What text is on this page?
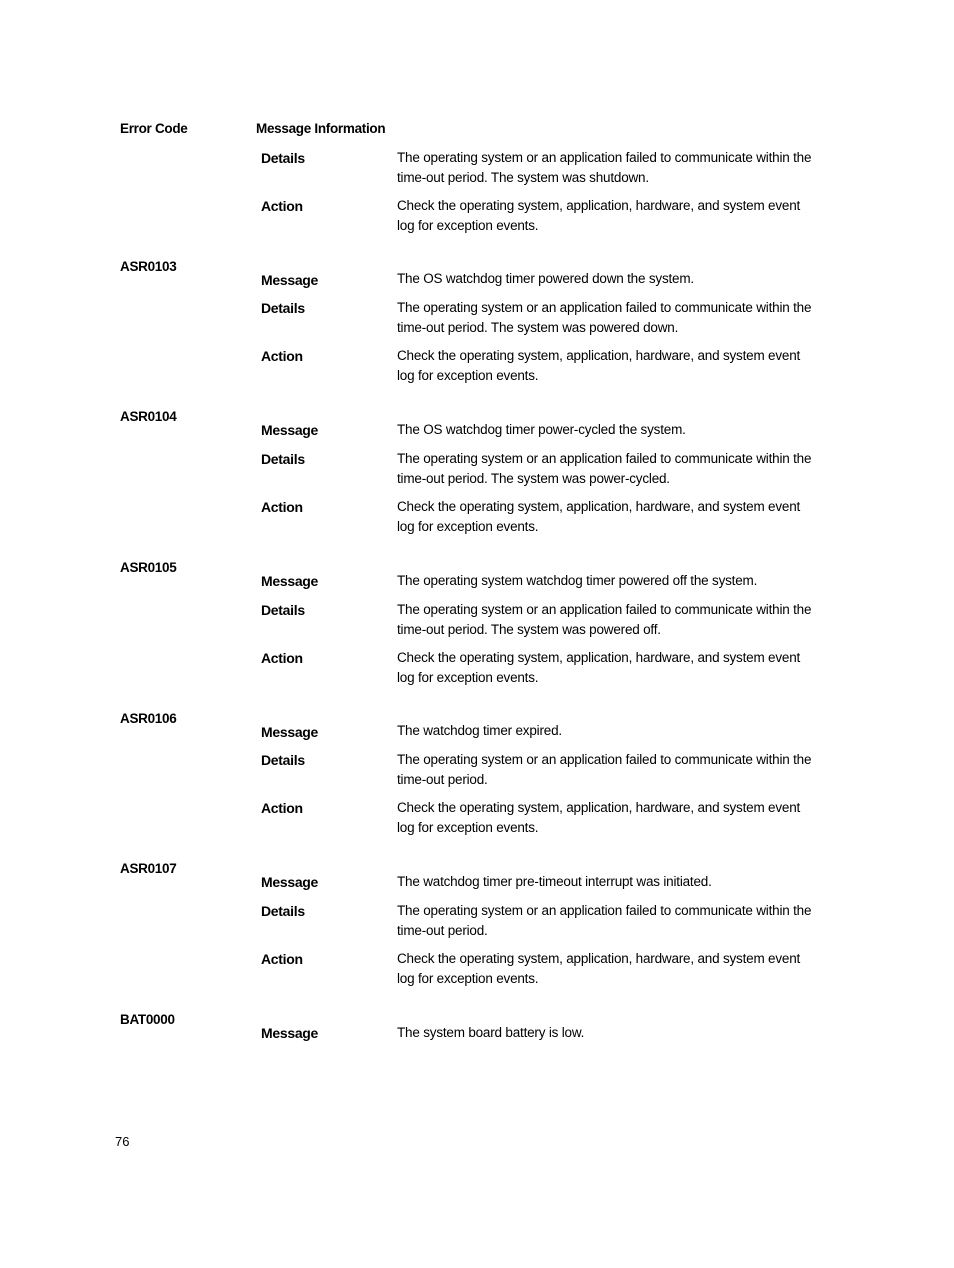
Error Code	Message Information
Details	The operating system or an application failed to communicate within the time-out period. The system was shutdown.
Action	Check the operating system, application, hardware, and system event log for exception events.
ASR0103
Message	The OS watchdog timer powered down the system.
Details	The operating system or an application failed to communicate within the time-out period. The system was powered down.
Action	Check the operating system, application, hardware, and system event log for exception events.
ASR0104
Message	The OS watchdog timer power-cycled the system.
Details	The operating system or an application failed to communicate within the time-out period. The system was power-cycled.
Action	Check the operating system, application, hardware, and system event log for exception events.
ASR0105
Message	The operating system watchdog timer powered off the system.
Details	The operating system or an application failed to communicate within the time-out period. The system was powered off.
Action	Check the operating system, application, hardware, and system event log for exception events.
ASR0106
Message	The watchdog timer expired.
Details	The operating system or an application failed to communicate within the time-out period.
Action	Check the operating system, application, hardware, and system event log for exception events.
ASR0107
Message	The watchdog timer pre-timeout interrupt was initiated.
Details	The operating system or an application failed to communicate within the time-out period.
Action	Check the operating system, application, hardware, and system event log for exception events.
BAT0000
Message	The system board battery is low.
76
